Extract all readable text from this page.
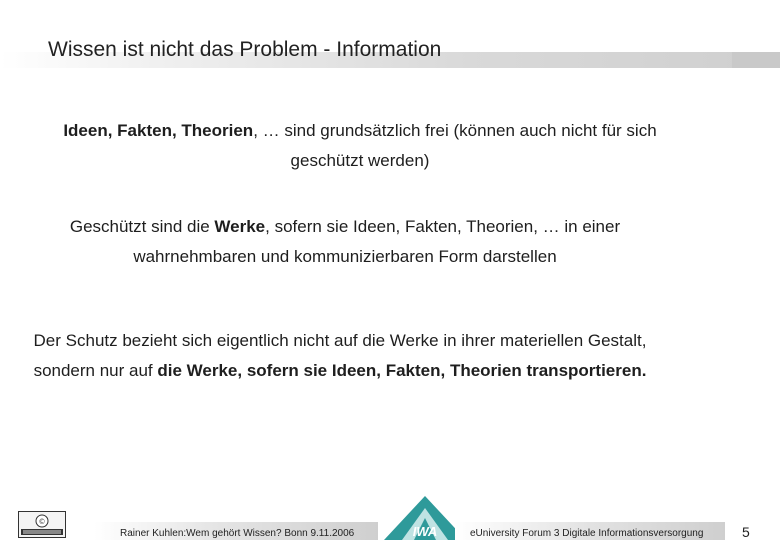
Wissen ist nicht das Problem - Information
Ideen, Fakten, Theorien, … sind grundsätzlich frei (können auch nicht für sich geschützt werden)
Geschützt sind die Werke, sofern sie Ideen, Fakten, Theorien, … in einer wahrnehmbaren und kommunizierbaren Form darstellen
Der Schutz bezieht sich eigentlich nicht auf die Werke in ihrer materiellen Gestalt, sondern nur auf die Werke, sofern sie Ideen, Fakten, Theorien transportieren.
©
Rainer Kuhlen:Wem gehört Wissen? Bonn 9.11.2006	IWA	eUniversity Forum 3 Digitale Informationsversorgung	5
